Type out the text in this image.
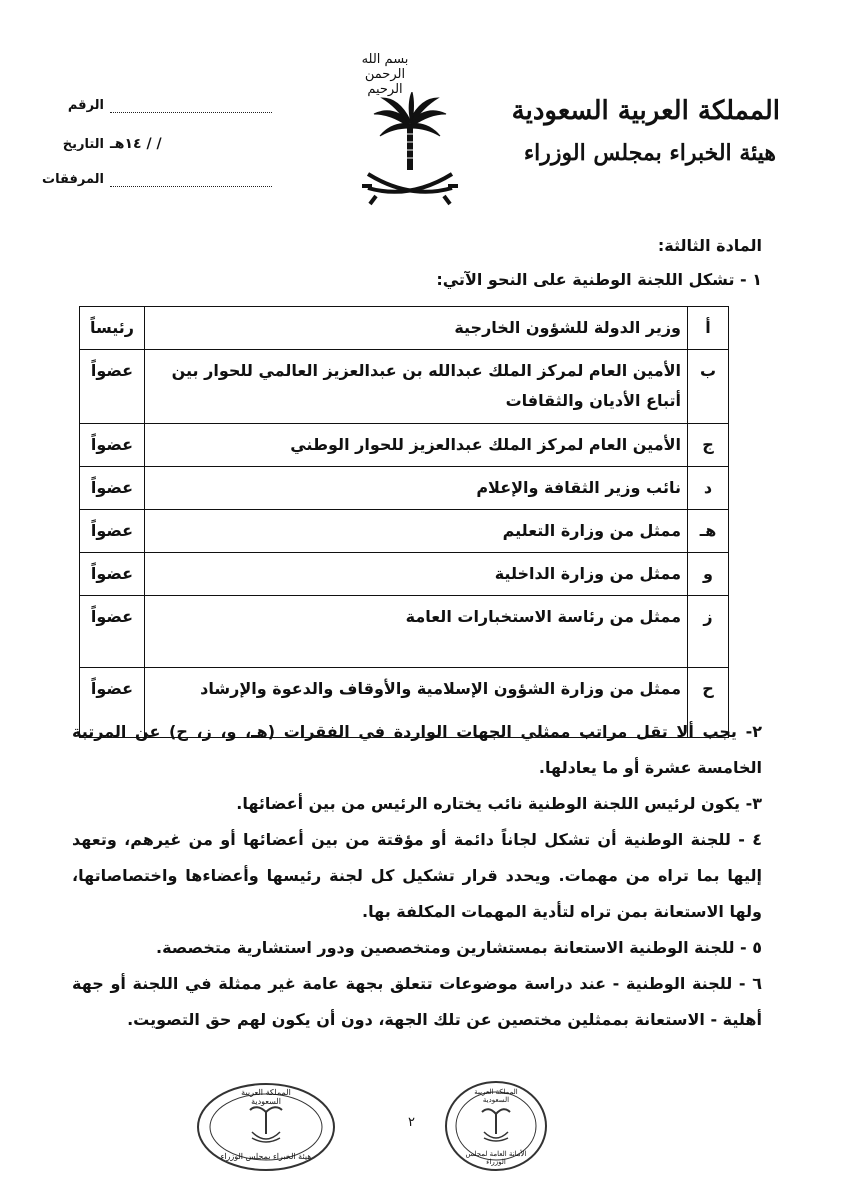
بسم الله الرحمن الرحيم
المملكة العربية السعودية
هيئة الخبراء بمجلس الوزراء
الرقم
التاريخ / / ١٤هـ
المرفقات
المادة الثالثة:
١ - تشكل اللجنة الوطنية على النحو الآتي:
أ	وزير الدولة للشؤون الخارجية	رئيساً
ب	الأمين العام لمركز الملك عبدالله بن عبدالعزيز العالمي للحوار بين أتباع الأديان والثقافات	عضواً
ج	الأمين العام لمركز الملك عبدالعزيز للحوار الوطني	عضواً
د	نائب وزير الثقافة والإعلام	عضواً
هـ	ممثل من وزارة التعليم	عضواً
و	ممثل من وزارة الداخلية	عضواً
ز	ممثل من رئاسة الاستخبارات العامة	عضواً
ح	ممثل من وزارة الشؤون الإسلامية والأوقاف والدعوة والإرشاد	عضواً
٢- يجب ألا تقل مراتب ممثلي الجهات الواردة في الفقرات (هـ، و، ز، ح) عن المرتبة الخامسة عشرة أو ما يعادلها.
٣- يكون لرئيس اللجنة الوطنية نائب يختاره الرئيس من بين أعضائها.
٤ - للجنة الوطنية أن تشكل لجاناً دائمة أو مؤقتة من بين أعضائها أو من غيرهم، وتعهد إليها بما تراه من مهمات. ويحدد قرار تشكيل كل لجنة رئيسها وأعضاءها واختصاصاتها، ولها الاستعانة بمن تراه لتأدية المهمات المكلفة بها.
٥ - للجنة الوطنية الاستعانة بمستشارين ومتخصصين ودور استشارية متخصصة.
٦ - للجنة الوطنية - عند دراسة موضوعات تتعلق بجهة عامة غير ممثلة في اللجنة أو جهة أهلية - الاستعانة بممثلين مختصين عن تلك الجهة، دون أن يكون لهم حق التصويت.
٢
المملكة العربية السعودية
هيئة الخبراء بمجلس الوزراء
المملكة العربية السعودية
الأمانة العامة لمجلس الوزراء
